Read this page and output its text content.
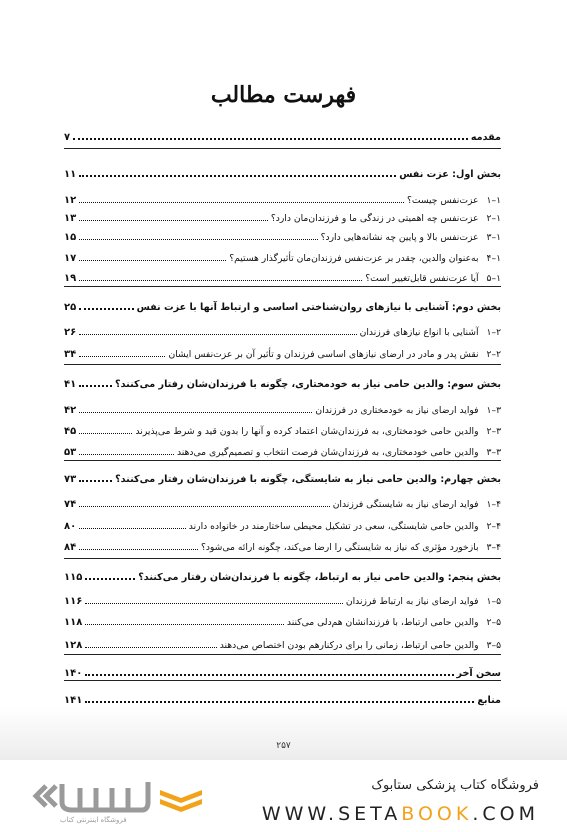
فهرست مطالب
مقدمه
۷
بخش اول: عزت نفس
۱۱
۱–۱
عزت‌نفس چیست؟
۱۲
۱–۲
عزت‌نفس چه اهمیتی در زندگی ما و فرزندان‌مان دارد؟
۱۳
۱–۳
عزت‌نفس بالا و پایین چه نشانه‌هایی دارد؟
۱۵
۱–۴
به‌عنوان والدین، چقدر بر عزت‌نفس فرزندان‌مان تأثیرگذار هستیم؟
۱۷
۱–۵
آیا عزت‌نفس قابل‌تغییر است؟
۱۹
بخش دوم: آشنایی با نیازهای روان‌شناختی اساسی و ارتباط آنها با عزت نفس
۲۵
۲–۱
آشنایی با انواع نیازهای فرزندان
۲۶
۲–۲
نقش پدر و مادر در ارضای نیازهای اساسی فرزندان و تأثیر آن بر عزت‌نفس ایشان
۳۴
بخش سوم: والدین حامی نیاز به خودمختاری، چگونه با فرزندان‌شان رفتار می‌کنند؟
۴۱
۳–۱
فواید ارضای نیاز به خودمختاری در فرزندان
۴۲
۳–۲
والدین حامی خودمختاری، به فرزندان‌شان اعتماد کرده و آنها را بدون قید و شرط می‌پذیرند
۴۵
۳–۳
والدین حامی خودمختاری، به فرزندان‌شان فرصت انتخاب و تصمیم‌گیری می‌دهند
۵۳
بخش چهارم: والدین حامی نیاز به شایستگی، چگونه با فرزندان‌شان رفتار می‌کنند؟
۷۳
۴–۱
فواید ارضای نیاز به شایستگی فرزندان
۷۴
۴–۲
والدین حامی شایستگی، سعی در تشکیل محیطی ساختارمند در خانواده دارند
۸۰
۴–۳
بازخورد مؤثری که نیاز به شایستگی را ارضا می‌کند، چگونه ارائه می‌شود؟
۸۴
بخش پنجم: والدین حامی نیاز به ارتباط، چگونه با فرزندان‌شان رفتار می‌کنند؟
۱۱۵
۵–۱
فواید ارضای نیاز به ارتباط فرزندان
۱۱۶
۵–۲
والدین حامی ارتباط، با فرزندانشان هم‌دلی می‌کنند
۱۱۸
۵–۳
والدین حامی ارتباط، زمانی را برای درکنارهم بودن اختصاص می‌دهند
۱۲۸
سخن آخر
۱۴۰
منابع
۱۴۱
۲۵۷
فروشگاه اینترنتی کتاب
فروشگاه کتاب پزشکی ستابوک
WWW.SETABOOK.COM
